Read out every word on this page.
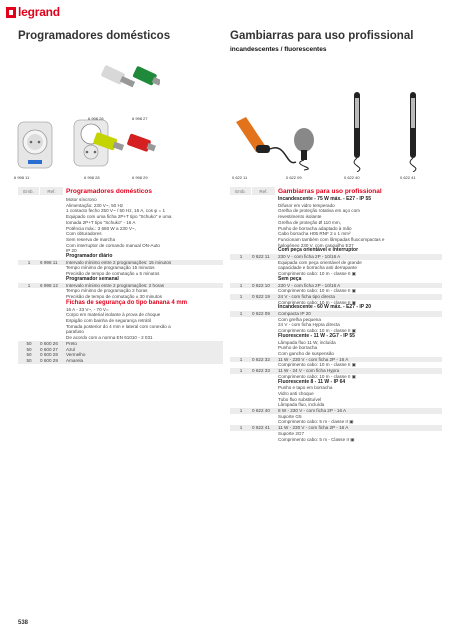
legrand
Programadores domésticos	Gambiarras para uso profissional
incandescentes / fluorescentes
6 998 11	6 998 28
6 998 27
6 998 26
6 998 29	0 622 11	0 622 09	0 622 40	0 622 41
Emb.	Ref.	Programadores domésticos	Emb.	Ref.	Gambiarras para uso profissional
Motor síncrono
Alimentação: 230 V~, 50 Hz
1 contacto fecho 250 V~ / 50 Hz, 16 A, cos φ = 1
Equipado com uma ficha 2P+T tipo "Schuko" e uma
tomada 2P+T tipo "Schuko" - 16 A
Potência máx.: 3 680 W a 230 V~,
Com obturadores
Sem reserva de marcha
Com interruptor de comando manual ON-Auto
IP 20
Programador diário
1	6 998 11	Intervalo mínimo entre 2 programações: 15 minutos
Tempo mínimo de programação 15 minutos
Precisão de tempo de comutação ± 5 minutos
Programador semanal
1	6 998 12	Intervalo mínimo entre 2 programações: 2 horas
Tempo mínimo de programação 2 horas
Precisão de tempo de comutação ± 30 minutos
Fichas de segurança do tipo banana 4 mm
16 A - 33 V~, - 70 V=
Corpo em material isolante à prova de choque
Espigão com bainha de segurança retrátil
Tomada posterior do 4 mm e lateral com conexão a
parafuso
De acordo com a norma EN 61010 - 2 031
50	0 600 26	Preto
50	0 600 27	Azul
50	0 600 28	Vermelho
50	0 600 29	Amarela
Incandescente - 75 W máx. - E27 - IP 55
Difusor em vidro temperado
Grelha de proteção rotativa em aço com
revestimento isolante
Grelha de proteção Ø 110 mm,
Punho de borracha adaptado à mão
Cabo borracha H05 RNF 2 x 1 mm²
Funcionam também com lâmpadas fluocompactas e
halogéneo 230 V, com casquilho E27
Com peça orientável e interruptor
1	0 622 11	230 V - com ficha 2P - 10/16 A
Equipada com peça orientável de grande
capacidade e borracha anti derrapante
Comprimento cabo: 10 m - classe II ▣
Sem peça
1	0 622 10	230 V - com ficha 2P - 10/16 A
Comprimento cabo: 10 m - classe II ▣
1	0 622 19	24 V - com ficha tipo directa
Comprimento cabo: 10 m - classe II ▣
Incandescente - 60 W máx. - E27 - IP 20
1	0 622 09	Compacta IP 20
Com grelha pequena
24 V - com ficha Hypra directa
Comprimento cabo: 10 m - classe II ▣
Fluorescente - 11 W - 2G7 - IP 55
Lâmpada fluo 11 W, incluída
Punho de borracha
Com gancho de suspensão
1	0 622 32	11 W - 230 V - com ficha 2P - 16 A
Comprimento cabo: 10 m - classe II ▣
1	0 622 33	11 W - 24 V - com ficha Hypra
Comprimento cabo: 10 m - classe II ▣
Fluorescente 8 - 11 W - IP 64
Punho e tapo em borracha
Vidro anti choque
Tubo fluo substituível
Lâmpada fluo, incluída
1	0 622 40	8 W - 230 V - com ficha 2P - 16 A
Suporte G5
Comprimento cabo: 5 m - classe II ▣
1	0 622 41	11 W - 230 V - com ficha 2P - 16 A
Suporte 2G7
Comprimento cabo: 5 m - Classe II ▣
538
